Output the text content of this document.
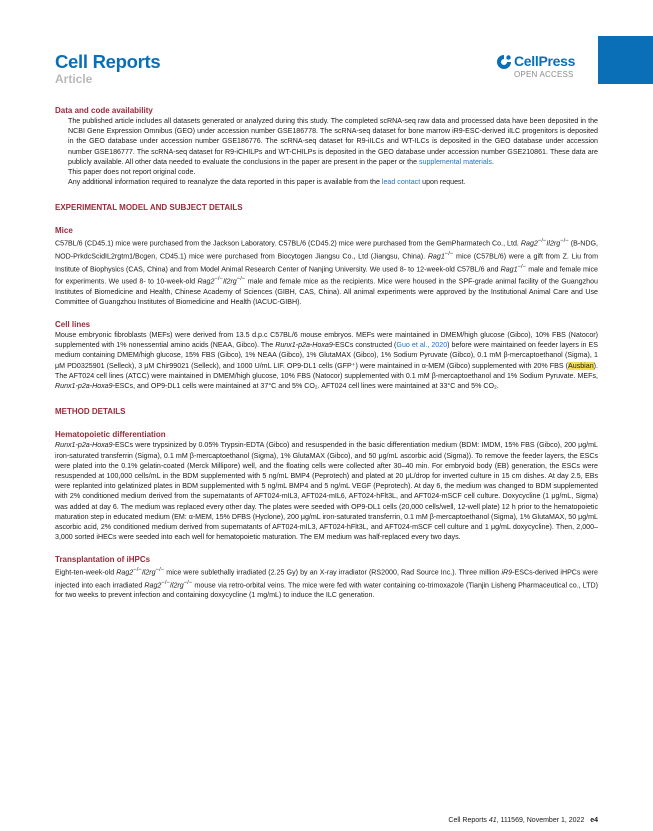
Cell Reports
Article
CellPress
OPEN ACCESS
Data and code availability

The published article includes all datasets generated or analyzed during this study. The completed scRNA-seq raw data and processed data have been deposited in the NCBI Gene Expression Omnibus (GEO) under accession number GSE186778. The scRNA-seq dataset for bone marrow iR9-ESC-derived iILC progenitors is deposited in the GEO database under accession number GSE186776. The scRNA-seq dataset for R9-iILCs and WT-ILCs is deposited in the GEO database under accession number GSE186777. The scRNA-seq dataset for R9-iCHILPs and WT-CHILPs is deposited in the GEO database under accession number GSE210861. These data are publicly available. All other data needed to evaluate the conclusions in the paper are present in the paper or the supplemental materials.

This paper does not report original code.

Any additional information required to reanalyze the data reported in this paper is available from the lead contact upon request.

EXPERIMENTAL MODEL AND SUBJECT DETAILS
Mice

C57BL/6 (CD45.1) mice were purchased from the Jackson Laboratory. C57BL/6 (CD45.2) mice were purchased from the GemPharmatech Co., Ltd. Rag2−/−Il2rg−/− (B-NDG, NOD-PrkdcScidIL2rgtm1/Bcgen, CD45.1) mice were purchased from Biocytogen Jiangsu Co., Ltd (Jiangsu, China). Rag1−/− mice (C57BL/6) were a gift from Z. Liu from Institute of Biophysics (CAS, China) and from Model Animal Research Center of Nanjing University. We used 8- to 12-week-old C57BL/6 and Rag1−/− male and female mice for experiments. We used 8- to 10-week-old Rag2−/−Il2rg−/− male and female mice as the recipients. Mice were housed in the SPF-grade animal facility of the Guangzhou Institutes of Biomedicine and Health, Chinese Academy of Sciences (GIBH, CAS, China). All animal experiments were approved by the Institutional Animal Care and Use Committee of Guangzhou Institutes of Biomedicine and Health (IACUC-GIBH).

Cell lines

Mouse embryonic fibroblasts (MEFs) were derived from 13.5 d.p.c C57BL/6 mouse embryos. MEFs were maintained in DMEM/high glucose (Gibco), 10% FBS (Natocor) supplemented with 1% nonessential amino acids (NEAA, Gibco). The Runx1-p2a-Hoxa9-ESCs constructed (Guo et al., 2020) before were maintained on feeder layers in ES medium containing DMEM/high glucose, 15% FBS (Gibco), 1% NEAA (Gibco), 1% GlutaMAX (Gibco), 1% Sodium Pyruvate (Gibco), 0.1 mM β-mercaptoethanol (Sigma), 1 μM PD0325901 (Selleck), 3 μM Chir99021 (Selleck), and 1000 U/mL LIF. OP9-DL1 cells (GFP⁺) were maintained in α-MEM (Gibco) supplemented with 20% FBS (Ausbian). The AFT024 cell lines (ATCC) were maintained in DMEM/high glucose, 10% FBS (Natocor) supplemented with 0.1 mM β-mercaptoethanol and 1% Sodium Pyruvate. MEFs, Runx1-p2a-Hoxa9-ESCs, and OP9-DL1 cells were maintained at 37°C and 5% CO₂. AFT024 cell lines were maintained at 33°C and 5% CO₂.

METHOD DETAILS
Hematopoietic differentiation

Runx1-p2a-Hoxa9-ESCs were trypsinized by 0.05% Trypsin-EDTA (Gibco) and resuspended in the basic differentiation medium (BDM: IMDM, 15% FBS (Gibco), 200 μg/mL iron-saturated transferrin (Sigma), 0.1 mM β-mercaptoethanol (Sigma), 1% GlutaMAX (Gibco), and 50 μg/mL ascorbic acid (Sigma)). To remove the feeder layers, the ESCs were plated into the 0.1% gelatin-coated (Merck Millipore) well, and the floating cells were collected after 30–40 min. For embryoid body (EB) generation, the ESCs were resuspended at 100,000 cells/mL in the BDM supplemented with 5 ng/mL BMP4 (Peprotech) and plated at 20 μL/drop for inverted culture in 15 cm dishes. At day 2.5, EBs were replanted into gelatinized plates in BDM supplemented with 5 ng/mL BMP4 and 5 ng/mL VEGF (Peprotech). At day 6, the medium was changed to BDM supplemented with 2% conditioned medium derived from the supernatants of AFT024-mIL3, AFT024-mIL6, AFT024-hFlt3L, and AFT024-mSCF cell culture. Doxycycline (1 μg/mL, Sigma) was added at day 6. The medium was replaced every other day. The plates were seeded with OP9-DL1 cells (20,000 cells/well, 12-well plate) 12 h prior to the hematopoietic maturation step in educated medium (EM: α-MEM, 15% DFBS (Hyclone), 200 μg/mL iron-saturated transferrin, 0.1 mM β-mercaptoethanol (Sigma), 1% GlutaMAX, 50 μg/mL ascorbic acid, 2% conditioned medium derived from supernatants of AFT024-mIL3, AFT024-hFlt3L, and AFT024-mSCF cell culture and 1 μg/mL doxycycline). Then, 2,000–3,000 sorted iHECs were seeded into each well for hematopoietic maturation. The EM medium was half-replaced every two days.

Transplantation of iHPCs

Eight-ten-week-old Rag2−/−Il2rg−/− mice were sublethally irradiated (2.25 Gy) by an X-ray irradiator (RS2000, Rad Source Inc.). Three million iR9-ESCs-derived iHPCs were injected into each irradiated Rag2−/−Il2rg−/− mouse via retro-orbital veins. The mice were fed with water containing co-trimoxazole (Tianjin Lisheng Pharmaceutical co., LTD) for two weeks to prevent infection and containing doxycycline (1 mg/mL) to induce the ILC generation.

Cell Reports 41, 111569, November 1, 2022 e4
